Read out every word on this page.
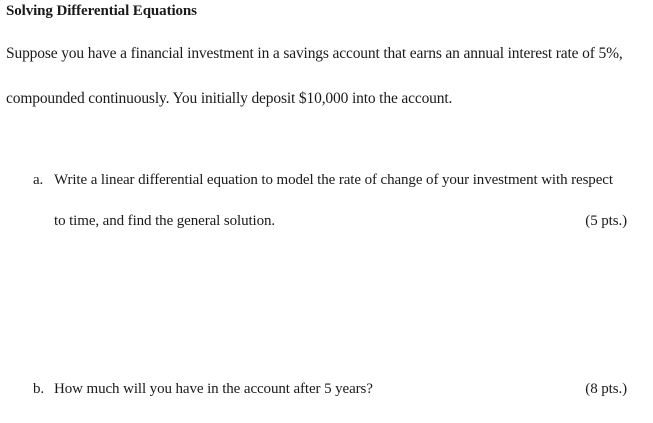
Solving Differential Equations
Suppose you have a financial investment in a savings account that earns an annual interest rate of 5%,
compounded continuously. You initially deposit $10,000 into the account.
a. Write a linear differential equation to model the rate of change of your investment with respect
to time, and find the general solution.	(5 pts.)
b. How much will you have in the account after 5 years?	(8 pts.)
